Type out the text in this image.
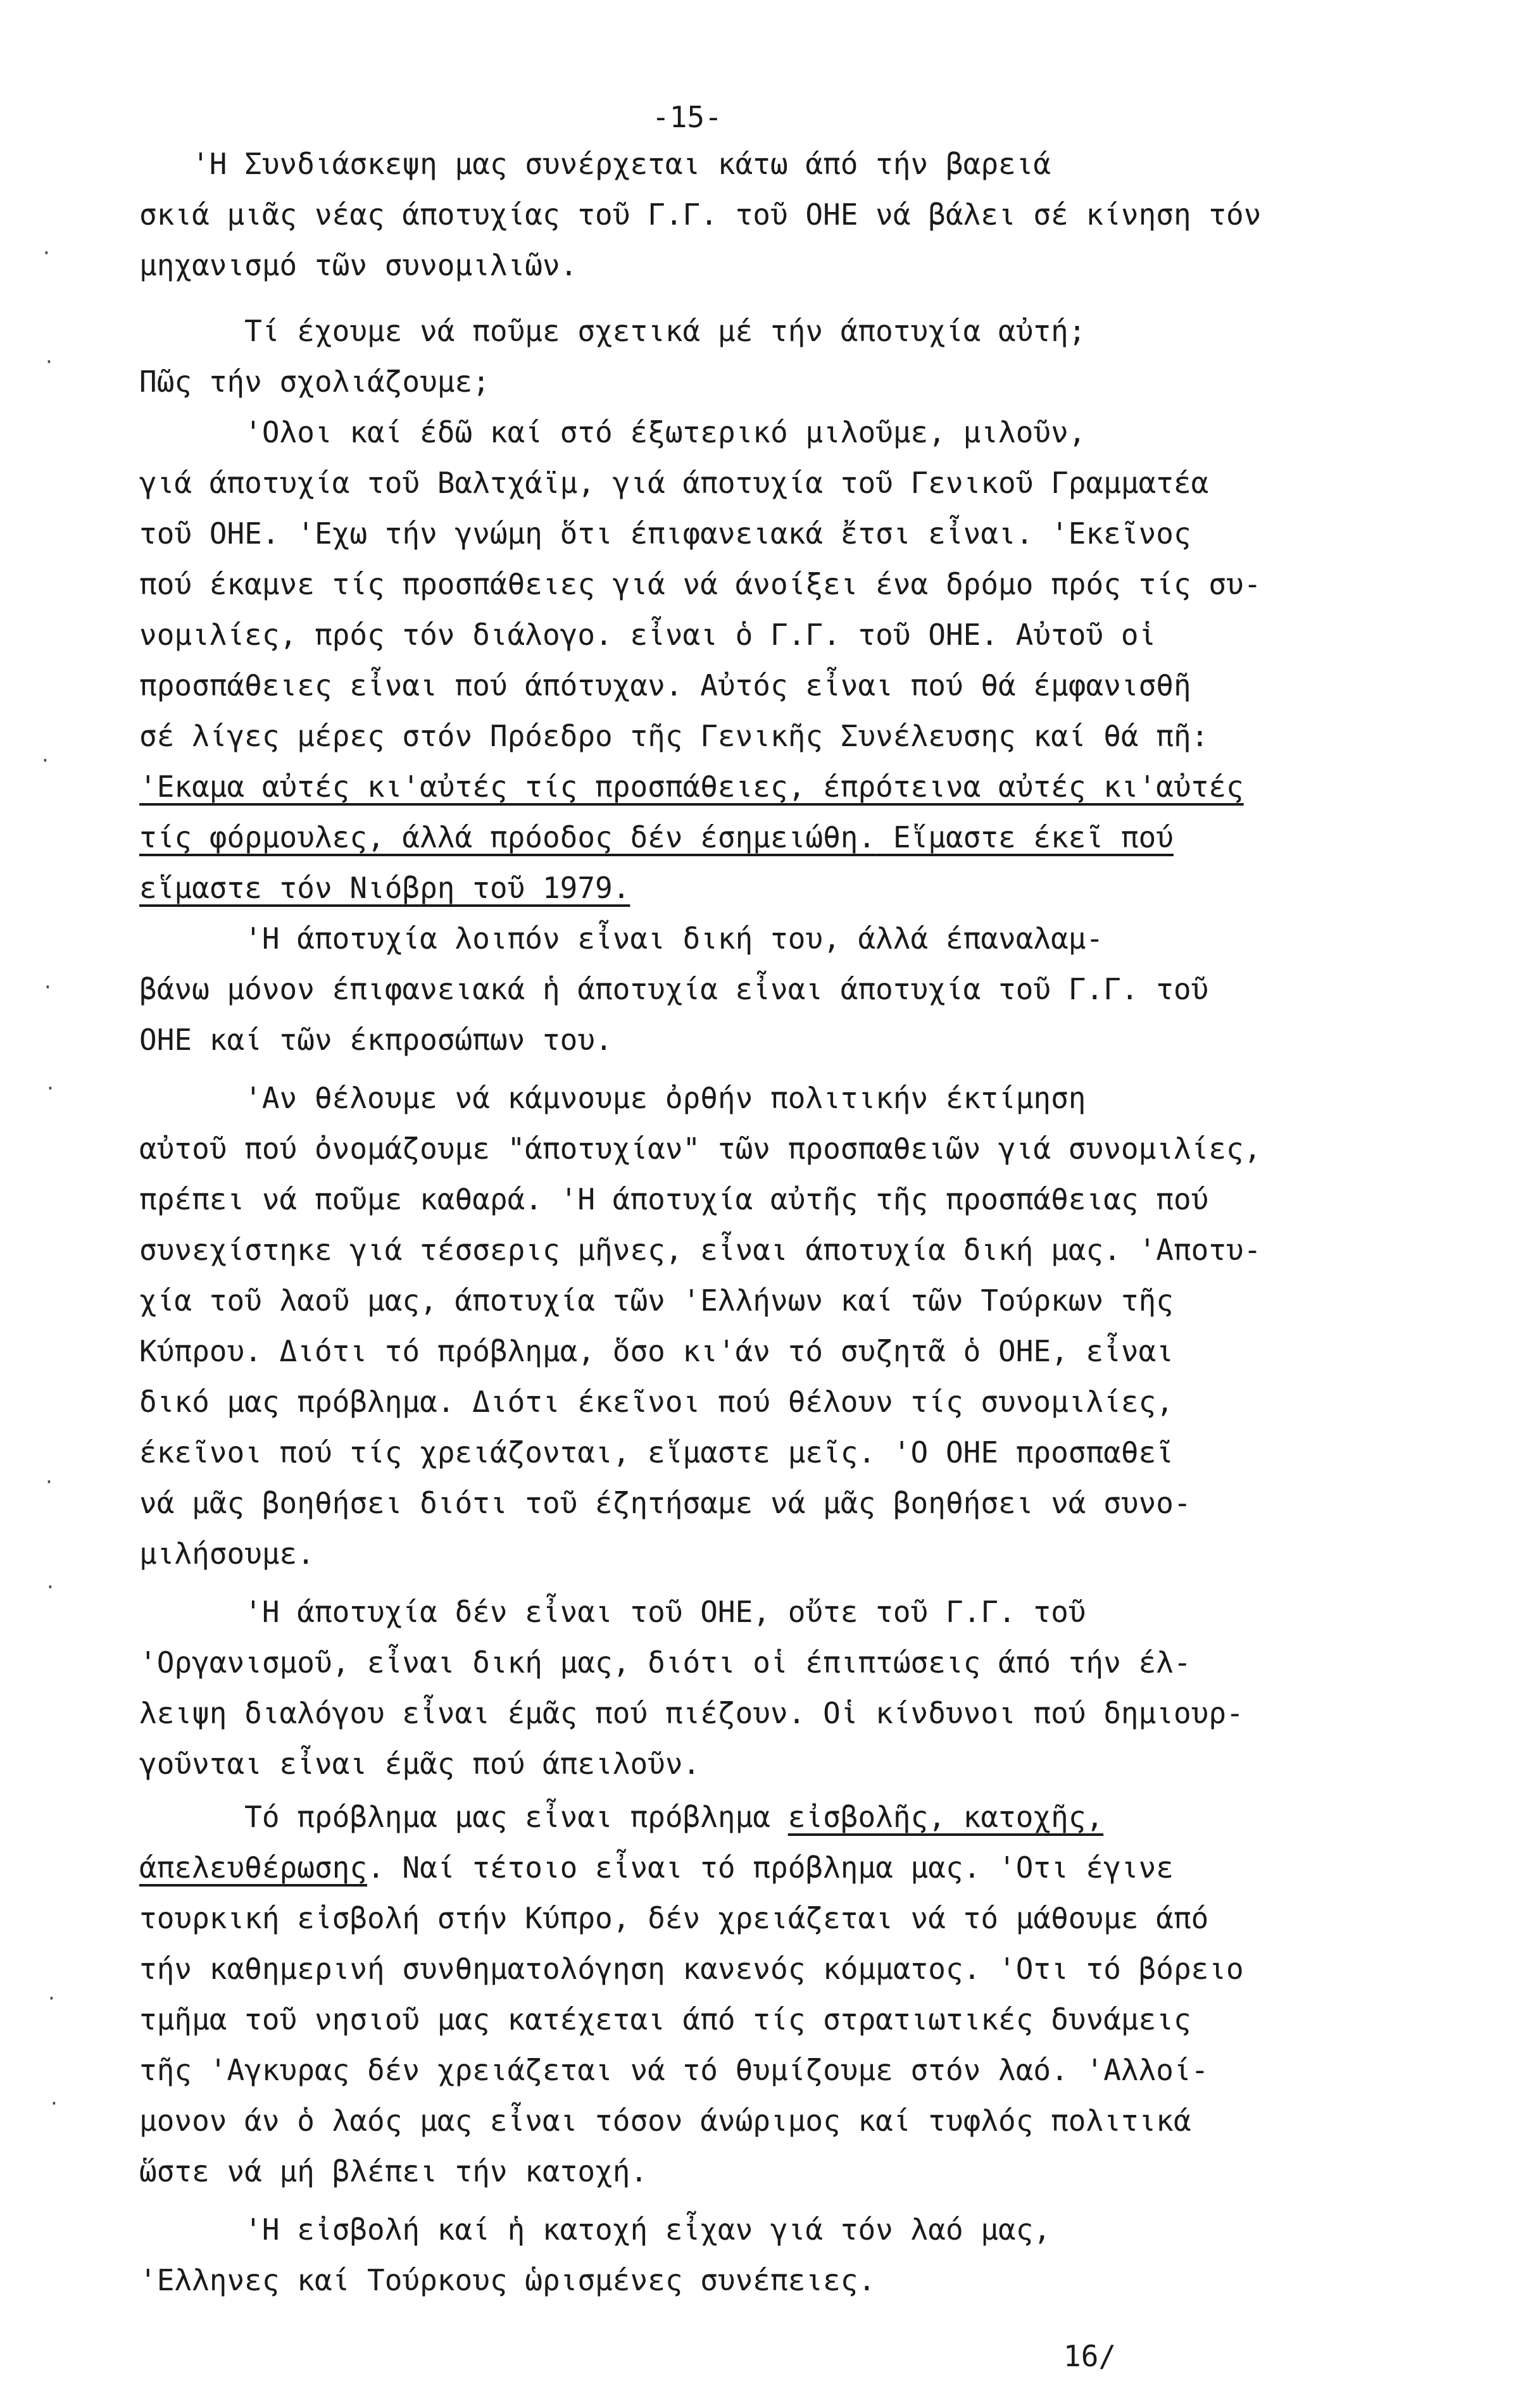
-15-
'Η Συνδιάσκεψη μας συνέρχεται κάτω άπό τήν βαρειά
σκιά μιᾶς νέας άποτυχίας τοῦ Γ.Γ. τοῦ ΟΗΕ νά βάλει σέ κίνηση τόν
μηχανισμό τῶν συνομιλιῶν.
Τί έχουμε νά ποῦμε σχετικά μέ τήν άποτυχία αὐτή;
Πῶς τήν σχολιάζουμε;
'Ολοι καί έδῶ καί στό έξωτερικό μιλοῦμε, μιλοῦν,
γιά άποτυχία τοῦ Βαλτχάϊμ, γιά άποτυχία τοῦ Γενικοῦ Γραμματέα
τοῦ ΟΗΕ. 'Εχω τήν γνώμη ὅτι έπιφανειακά ἔτσι εἶναι. 'Εκεῖνος
πού έκαμνε τίς προσπάθειες γιά νά άνοίξει ένα δρόμο πρός τίς συ-
νομιλίες, πρός τόν διάλογο. εἶναι ὁ Γ.Γ. τοῦ ΟΗΕ. Αὐτοῦ οἱ
προσπάθειες εἶναι πού άπότυχαν. Αὐτός εἶναι πού θά έμφανισθῆ
σέ λίγες μέρες στόν Πρόεδρο τῆς Γενικῆς Συνέλευσης καί θά πῆ:
'Εκαμα αὐτές κι'αὐτές τίς προσπάθειες, έπρότεινα αὐτές κι'αὐτές
τίς φόρμουλες, άλλά πρόοδος δέν έσημειώθη. Εἵμαστε έκεῖ πού
εἵμαστε τόν Νιόβρη τοῦ 1979.
'Η άποτυχία λοιπόν εἶναι δική του, άλλά έπαναλαμ-
βάνω μόνον έπιφανειακά ἡ άποτυχία εἶναι άποτυχία τοῦ Γ.Γ. τοῦ
ΟΗΕ καί τῶν έκπροσώπων του.
'Αν θέλουμε νά κάμνουμε ὀρθήν πολιτικήν έκτίμηση
αὐτοῦ πού ὀνομάζουμε "άποτυχίαν" τῶν προσπαθειῶν γιά συνομιλίες,
πρέπει νά ποῦμε καθαρά. 'Η άποτυχία αὐτῆς τῆς προσπάθειας πού
συνεχίστηκε γιά τέσσερις μῆνες, εἶναι άποτυχία δική μας. 'Αποτυ-
χία τοῦ λαοῦ μας, άποτυχία τῶν 'Ελλήνων καί τῶν Τούρκων τῆς
Κύπρου. Διότι τό πρόβλημα, ὅσο κι'άν τό συζητᾶ ὁ ΟΗΕ, εἶναι
δικό μας πρόβλημα. Διότι έκεῖνοι πού θέλουν τίς συνομιλίες,
έκεῖνοι πού τίς χρειάζονται, εἵμαστε μεῖς. 'Ο ΟΗΕ προσπαθεῖ
νά μᾶς βοηθήσει διότι τοῦ έζητήσαμε νά μᾶς βοηθήσει νά συνο-
μιλήσουμε.
'Η άποτυχία δέν εἶναι τοῦ ΟΗΕ, οὔτε τοῦ Γ.Γ. τοῦ
'Οργανισμοῦ, εἶναι δική μας, διότι οἱ έπιπτώσεις άπό τήν έλ-
λειψη διαλόγου εἶναι έμᾶς πού πιέζουν. Οἱ κίνδυνοι πού δημιουρ-
γοῦνται εἶναι έμᾶς πού άπειλοῦν.
Τό πρόβλημα μας εἶναι πρόβλημα εἰσβολῆς, κατοχῆς,
άπελευθέρωσης. Ναί τέτοιο εἶναι τό πρόβλημα μας. 'Οτι έγινε
τουρκική εἰσβολή στήν Κύπρο, δέν χρειάζεται νά τό μάθουμε άπό
τήν καθημερινή συνθηματολόγηση κανενός κόμματος. 'Οτι τό βόρειο
τμῆμα τοῦ νησιοῦ μας κατέχεται άπό τίς στρατιωτικές δυνάμεις
τῆς 'Αγκυρας δέν χρειάζεται νά τό θυμίζουμε στόν λαό. 'Αλλοί-
μονον άν ὁ λαός μας εἶναι τόσον άνώριμος καί τυφλός πολιτικά
ὥστε νά μή βλέπει τήν κατοχή.
'Η εἰσβολή καί ἡ κατοχή εἶχαν γιά τόν λαό μας,
'Ελληνες καί Τούρκους ὡρισμένες συνέπειες.
16/
·
·
·
·
·
·
·
·
·
